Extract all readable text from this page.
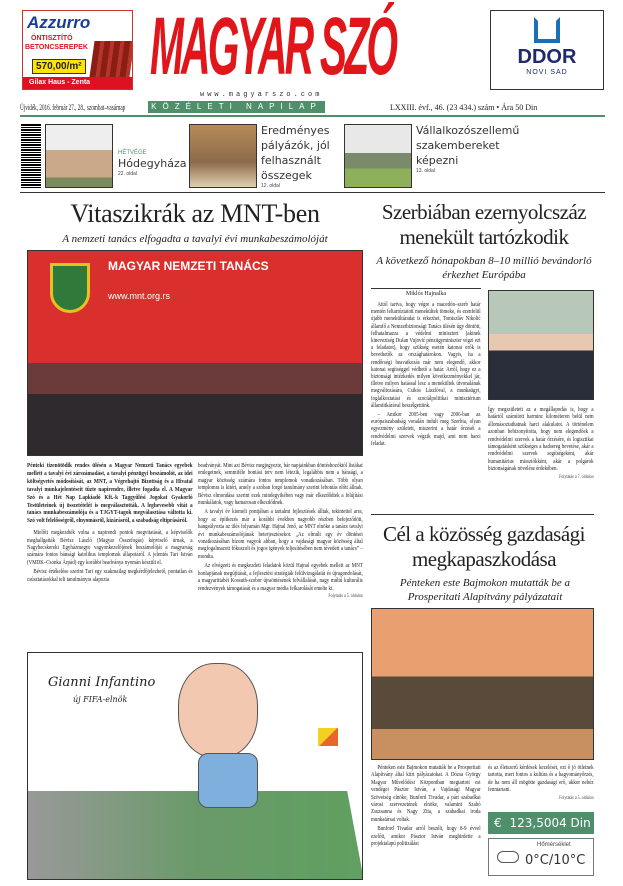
Azzurro
ÖNTISZTÍTÓ
BETONCSEREPEK
570,00/m²
Gilax Haus - Zenta MAGYAR SZÓ
www.magyarszo.com
DDOR
NOVI SAD
Újvidék, 2016. február 27., 28., szombat–vasárnap	KÖZÉLETI NAPILAP	LXXIII. évf., 46. (23 434.) szám • Ára 50 Din
HÉTVÉGE
Hódegyháza
22. oldal
Eredményes pályázók, jól felhasznált összegek
12. oldal
Vállalkozószellemű szakembereket képezni
13. oldal
Vitaszikrák az MNT-ben
A nemzeti tanács elfogadta a tavalyi évi munkabeszámolóját
MAGYAR NEMZETI TANÁCS
www.mnt.org.rs
Pénteki tizenötödik rendes ülésén a Magyar Nemzeti Tanács egyebek mellett a tavalyi évi zárszámadást, a tavalyi pénzügyi beszámolót, az idei költségvetés módosítását, az MNT, a Végrehajtó Bizottság és a Hivatal tavalyi munkajelentéseit tűzte napirendre, illetve fogadta el. A Magyar Szó és a Hét Nap Lapkiadó Kft.-k Taggyűlési Jogokat Gyakorló Testületeinek új összetételét is megválasztották. A leghevesebb vitát a tanács munkabeszámolója és a TJGYT-tagok megválasztása váltotta ki. Szó volt felelősségről, elnyomásról, kizárásról, a szabadság eltiprásáról.

Mielőtt megkezdték volna a napirendi pontok megvitatását, a képviselők meghallgatták Bévisz László (Magyar Összefogás) képviselő úrnak, a Nagybecskereki Egyházmegye vagyonkezelőjének beszámolóját a magyarság számára fontos bánsági katolikus templomok állapotáról. A jelentés Tari István (VMDK–Csonka Árpád) egy korábbi beadványa nyomán készült el.

Bévisz értékelése szerint Tari egy szakmailag megkérdőjelezhető, pontatlan és csúsztatásokkal teli tanulmányra alapozta

beadványát. Mint azt Bévisz megjegyezte, bár napjainkban döntéshozóktól listákat emlegetnek, semmiféle bontási terv nem létezik, legalábbis nem a bánsági, a magyar közösség számára fontos templomok vonatkozásában. Több olyan templomra is kitért, amely a szóban forgó tanulmány szerint lebontás előtt állnak. Bévisz elmondása szerint ezek mindegyikében vagy már elkezdődtek a felújítási munkálatok, vagy hamarosan elkezdődnek.

A tavalyi év kiemelt pontjában a tartalmi fejlesztések álltak, tekintettel arra, hogy az építkezés már a korábbi években nagyobb részben befejeződött, hangsúlyozta az ülés folyamán Mgr. Hajnal Jenő, az MNT elnöke a tanács tavalyi évi munkabeszámolójának beterjesztésekor. „Az elmúlt egy év döntései vonatkozásában bízom vagyok abban, hogy a vajdasági magyar közösség által megfogalmazott fókuszolt és jogos igények teljesítésében nem tévedett a tanács” – mondta.

Az elvégzett és megkezdett feladatok közül Hajnal egyebek mellett az MNT honlapjának megújítását, a fejlesztési stratégiák felülvizsgálatát és újragondolását, a magyarittabéi Kossuth-szobor újraöntésének felvállalását, nagy múltú kulturális rendezvények támogatását és a magyar média felkarolását emelte ki.

Folytatás a 5. oldalon
Gianni Infantino
új FIFA-elnök
Szerbiában ezernyolcszáz menekült tartózkodik
A következő hónapokban 8–10 millió bevándorló érkezhet Európába
Miklós Hajnalka

Attól tartva, hogy végre a macedón–szerb határ mentén feltartóztatott menekültek tömeke, és ezenfelül újabb menekültáradat is érkezhet, Tomiszláv Nikolić államfő a Nemzetbiztonsági Tanács ülésén úgy döntött, felhatalmazza a védelmi minisztert (akinek kineveztség Dušan Vujović pénzügyminiszter végzi ezt a feladatot), hogy szükség esetén katonai erők is bevethetők az országhatárokon. Vagyis, ha a rendőrségi beavatkozás már nem elegendő, akkor katonai segítséggel védhető a határ. Arról, hogy ez a biztonsági intézkedés milyen következményekkel jár, illetve milyen hatással lesz a menekültek útvonalának megváltozására, Csikós Lászlóval, a munkaügyi, foglalkoztatási és szociálpolitikai minisztérium államtitkárával beszélgettünk.

– Amikor 2005-ben vagy 2006-ban az európaiszabadság vonalán indult meg Szerbia, olyan egyezmény született, miszerint a határ őrzését a rendvédelmi szervek végzik majd, ami nem harci feladat.

Így megszületett az a megállapodás is, hogy a határtól számított harminc kilométeren belül nem állomásoztathatnak harci alakulatot. A történelem azonban bebizonyította, hogy nem elegendőek a rendvédelmi szervek a határ őrzésére, és logisztikai támogatásként szükséges a hadsereg bevetése, akár a rendvédelmi szervek segítségeként, akár humanitárius missziókként, akár a polgárok biztonságának növelése érdekében.

Folytatás a 7. oldalon
Cél a közösség gazdasági megkapaszkodása
Pénteken este Bajmokon mutatták be a Prosperitati Alapítvány pályázatait

Pénteken este Bajmokon mutatták be a Prosperitati Alapítvány által kiírt pályázatokat. A Dózsa György Magyar Művelődési Központban megtartott est vendégei Pásztor István, a Vajdasági Magyar Szövetség elnöke, Bunford Tivadar, a párt szabadkai városi szervezetének elnöke, valamint Szabó Zsuzsanna és Nagy Zita, a szabadkai iroda munkatársai voltak.

Bunford Tivadar arról beszélt, hogy 8-9 évvel ezelőtt, amikor Pásztor István meghirdette a projektalapú politizálást

és az életszerű kérdések kezelését, ezt ő jó ötletnek tartotta, mert fontos a kultúra és a hagyományőrzés, de ha nem áll mögötte gazdasági erő, akkor nehéz fenntartani.

Folytatás a 5. oldalon
€ 123,5004 Din ↑
Hőmérséklet
0°C/10°C
